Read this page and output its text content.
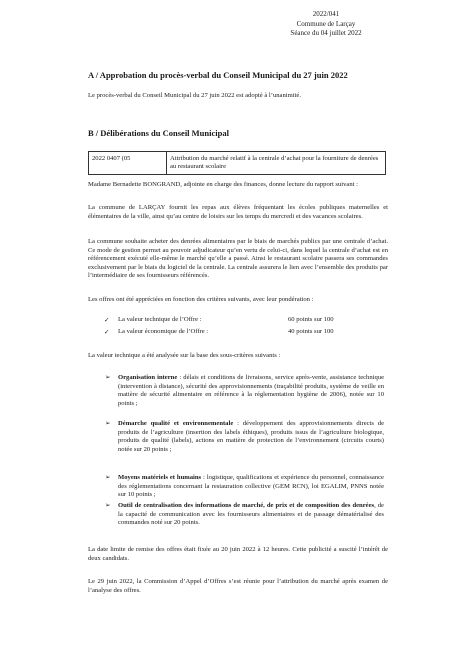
2022/041
Commune de Larçay
Séance du 04 juillet 2022
A / Approbation du procès-verbal du Conseil Municipal du 27 juin 2022
Le procès-verbal du Conseil Municipal du 27 juin 2022 est adopté à l’unanimité.
B / Délibérations du Conseil Municipal
2022 0407 (05	Attribution du marché relatif à la centrale d’achat pour la fourniture de denrées au restaurant scolaire
Madame Bernadette BONGRAND, adjointe en charge des finances, donne lecture du rapport suivant :
La commune de LARÇAY fournit les repas aux élèves fréquentant les écoles publiques maternelles et élémentaires de la ville, ainsi qu’au centre de loisirs sur les temps du mercredi et des vacances scolaires.
La commune souhaite acheter des denrées alimentaires par le biais de marchés publics par une centrale d’achat. Ce mode de gestion permet au pouvoir adjudicateur qu’en vertu de celui-ci, dans lequel la centrale d’achat est en référencement exécuté elle-même le marché qu’elle a passé. Ainsi le restaurant scolaire passera ses commandes exclusivement par le biais du logiciel de la centrale. La centrale assurera le lien avec l’ensemble des produits par l’intermédiaire de ses fournisseurs référencés.
Les offres ont été appréciées en fonction des critères suivants, avec leur pondération :
✓	La valeur technique de l’Offre :	60 points sur 100
✓	La valeur économique de l’Offre :	40 points sur 100
La valeur technique a été analysée sur la base des sous-critères suivants :
➢ Organisation interne : délais et conditions de livraisons, service après-vente, assistance technique (intervention à distance), sécurité des approvisionnements (traçabilité produits, système de veille en matière de sécurité alimentaire en référence à la réglementation hygiène de 2006), notée sur 10 points ;
➢ Démarche qualité et environnementale : développement des approvisionnements directs de produits de l’agriculture (insertion des labels éthiques), produits issus de l’agriculture biologique, produits de qualité (labels), actions en matière de protection de l’environnement (circuits courts) notée sur 20 points ;
➢ Moyens matériels et humains : logistique, qualifications et expérience du personnel, connaissance des réglementations concernant la restauration collective (GEM RCN), loi EGALIM, PNNS notée sur 10 points ;
➢ Outil de centralisation des informations de marché, de prix et de composition des denrées, de la capacité de communication avec les fournisseurs alimentaires et de passage dématérialisé des commandes noté sur 20 points.
La date limite de remise des offres était fixée au 20 juin 2022 à 12 heures. Cette publicité a suscité l’intérêt de deux candidats.
Le 29 juin 2022, la Commission d’Appel d’Offres s’est réunie pour l’attribution du marché après examen de l’analyse des offres.
